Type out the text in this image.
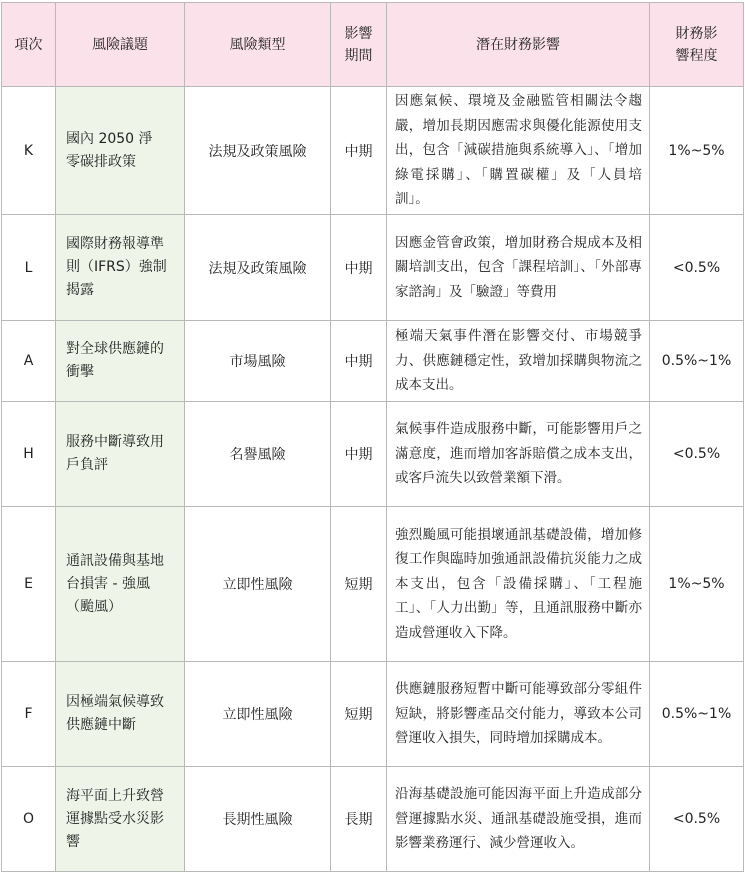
項次	風險議題	風險類型	影響期間	潛在財務影響	財務影響程度
K	國內 2050 淨零碳排政策	法規及政策風險	中期	因應氣候、環境及金融監管相關法令趨嚴，增加長期因應需求與優化能源使用支出，包含「減碳措施與系統導入」、「增加綠電採購」、「購置碳權」及「人員培訓」。	1%~5%
L	國際財務報導準則（IFRS）強制揭露	法規及政策風險	中期	因應金管會政策，增加財務合規成本及相關培訓支出，包含「課程培訓」、「外部專家諮詢」及「驗證」等費用	<0.5%
A	對全球供應鏈的衝擊	市場風險	中期	極端天氣事件潛在影響交付、市場競爭力、供應鏈穩定性，致增加採購與物流之成本支出。	0.5%~1%
H	服務中斷導致用戶負評	名譽風險	中期	氣候事件造成服務中斷，可能影響用戶之滿意度，進而增加客訴賠償之成本支出，或客戶流失以致營業額下滑。	<0.5%
E	通訊設備與基地台損害 - 強風（颱風）	立即性風險	短期	強烈颱風可能損壞通訊基礎設備，增加修復工作與臨時加強通訊設備抗災能力之成本支出，包含「設備採購」、「工程施工」、「人力出勤」等，且通訊服務中斷亦造成營運收入下降。	1%~5%
F	因極端氣候導致供應鏈中斷	立即性風險	短期	供應鏈服務短暫中斷可能導致部分零組件短缺，將影響產品交付能力，導致本公司營運收入損失，同時增加採購成本。	0.5%~1%
O	海平面上升致營運據點受水災影響	長期性風險	長期	沿海基礎設施可能因海平面上升造成部分營運據點水災、通訊基礎設施受損，進而影響業務運行、減少營運收入。	<0.5%
